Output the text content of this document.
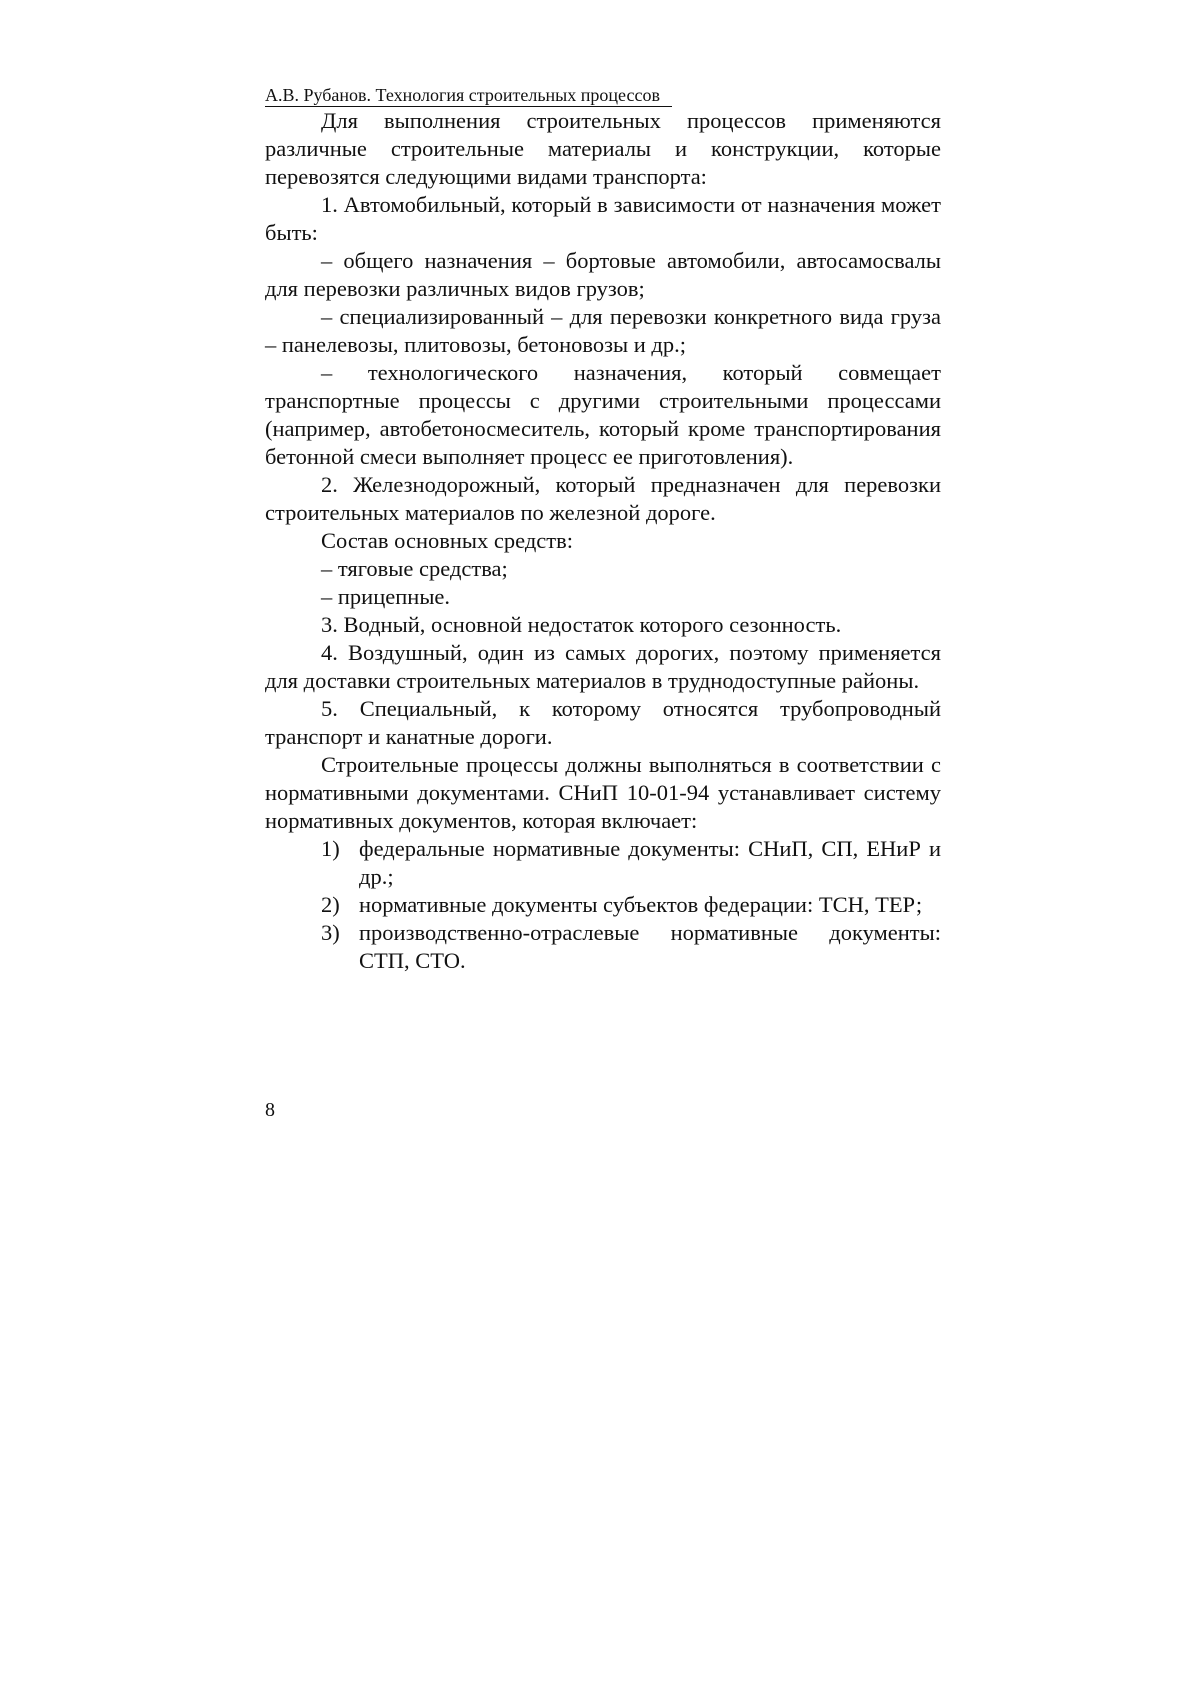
А.В. Рубанов. Технология строительных процессов

Для выполнения строительных процессов применяются различные строительные материалы и конструкции, которые перевозятся следующими видами транспорта:

1. Автомобильный, который в зависимости от назначения может быть:

– общего назначения – бортовые автомобили, автосамосвалы для перевозки различных видов грузов;

– специализированный – для перевозки конкретного вида груза – панелевозы, плитовозы, бетоновозы и др.;

– технологического назначения, который совмещает транспортные процессы с другими строительными процессами (например, автобетоносмеситель, который кроме транспортирования бетонной смеси выполняет процесс ее приготовления).

2. Железнодорожный, который предназначен для перевозки строительных материалов по железной дороге.

Состав основных средств:

– тяговые средства;

– прицепные.

3. Водный, основной недостаток которого сезонность.

4. Воздушный, один из самых дорогих, поэтому применяется для доставки строительных материалов в труднодоступные районы.

5. Специальный, к которому относятся трубопроводный транспорт и канатные дороги.

Строительные процессы должны выполняться в соответствии с нормативными документами. СНиП 10-01-94 устанавливает систему нормативных документов, которая включает:

1) федеральные нормативные документы: СНиП, СП, ЕНиР и др.;
2) нормативные документы субъектов федерации: ТСН, ТЕР;
3) производственно-отраслевые нормативные документы: СТП, СТО.
8
